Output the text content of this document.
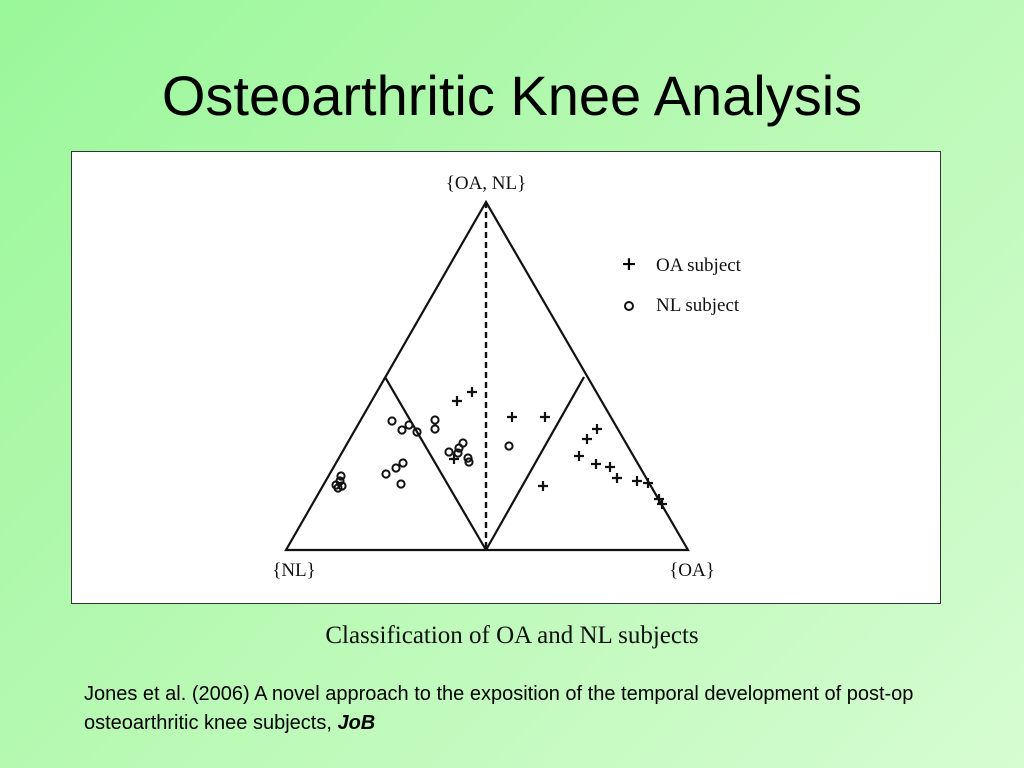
Osteoarthritic Knee Analysis
{OA, NL}
{NL}	{OA}
+ OA subject
NL subject
Classification of OA and NL subjects
Jones et al. (2006) A novel approach to the exposition of the temporal development of post-op osteoarthritic knee subjects, JoB
